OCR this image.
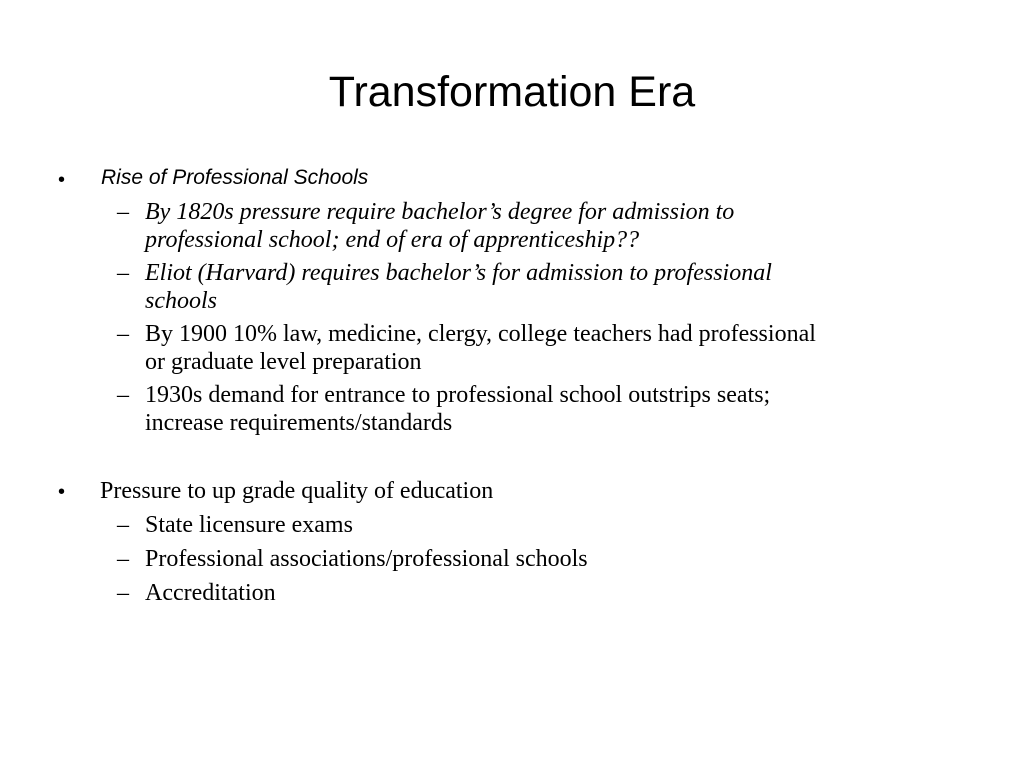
Transformation Era
• Rise of Professional Schools
– By 1820s pressure require bachelor’s degree for admission to
professional school; end of era of apprenticeship??
– Eliot (Harvard) requires bachelor’s for admission to professional
schools
– By 1900 10% law, medicine, clergy, college teachers had professional
or graduate level preparation
– 1930s demand for entrance to professional school outstrips seats;
increase requirements/standards
• Pressure to up grade quality of education
– State licensure exams
– Professional associations/professional schools
– Accreditation
